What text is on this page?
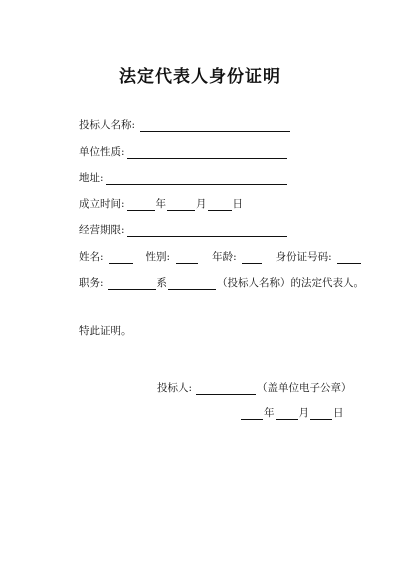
法定代表人身份证明
投标人名称:
单位性质:
地址:
成立时间:	年	月 日
经营期限:
姓名:	性别:	年龄:	身份证号码:
职务:	系	（投标人名称）的法定代表人。
特此证明。
投标人:	（盖单位电子公章）
年 月 日
